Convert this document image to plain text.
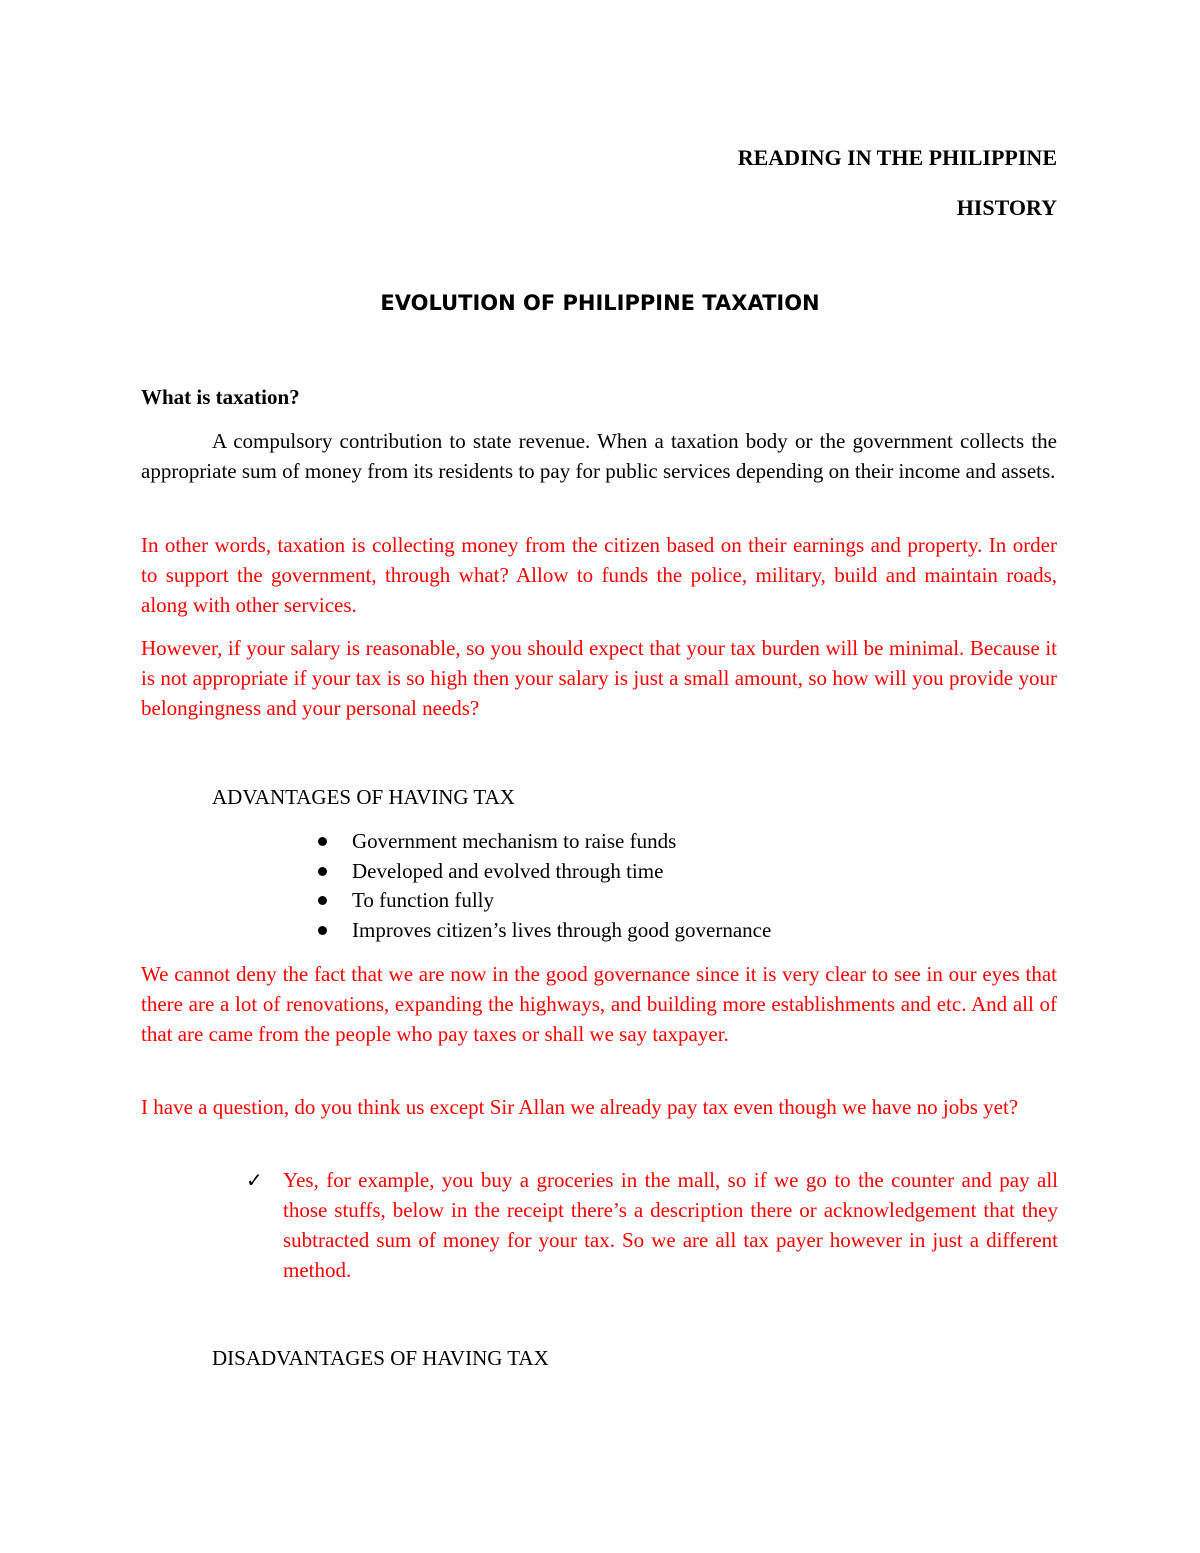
READING IN THE PHILIPPINE

HISTORY

EVOLUTION OF PHILIPPINE TAXATION

What is taxation?

A compulsory contribution to state revenue. When a taxation body or the government collects the appropriate sum of money from its residents to pay for public services depending on their income and assets.

In other words, taxation is collecting money from the citizen based on their earnings and property. In order to support the government, through what? Allow to funds the police, military, build and maintain roads, along with other services.

However, if your salary is reasonable, so you should expect that your tax burden will be minimal. Because it is not appropriate if your tax is so high then your salary is just a small amount, so how will you provide your belongingness and your personal needs?

ADVANTAGES OF HAVING TAX

Government mechanism to raise funds
Developed and evolved through time
To function fully
Improves citizen’s lives through good governance

We cannot deny the fact that we are now in the good governance since it is very clear to see in our eyes that there are a lot of renovations, expanding the highways, and building more establishments and etc. And all of that are came from the people who pay taxes or shall we say taxpayer.

I have a question, do you think us except Sir Allan we already pay tax even though we have no jobs yet?

✓ Yes, for example, you buy a groceries in the mall, so if we go to the counter and pay all those stuffs, below in the receipt there’s a description there or acknowledgement that they subtracted sum of money for your tax. So we are all tax payer however in just a different method.

DISADVANTAGES OF HAVING TAX
